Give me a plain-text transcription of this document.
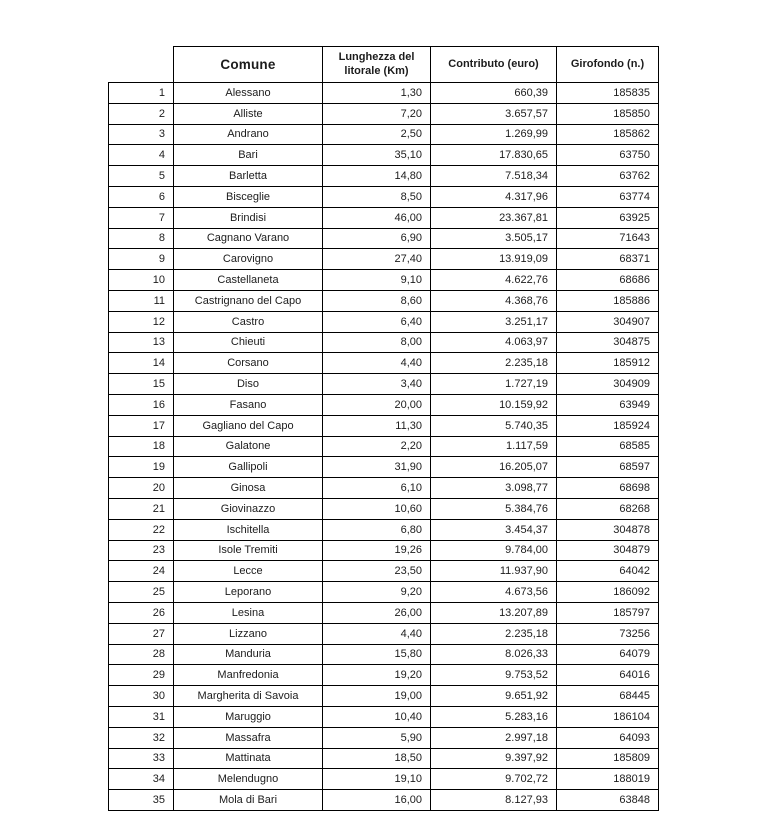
	Comune	Lunghezza del litorale (Km)	Contributo (euro)	Girofondo (n.)
1	Alessano	1,30	660,39	185835
2	Alliste	7,20	3.657,57	185850
3	Andrano	2,50	1.269,99	185862
4	Bari	35,10	17.830,65	63750
5	Barletta	14,80	7.518,34	63762
6	Bisceglie	8,50	4.317,96	63774
7	Brindisi	46,00	23.367,81	63925
8	Cagnano Varano	6,90	3.505,17	71643
9	Carovigno	27,40	13.919,09	68371
10	Castellaneta	9,10	4.622,76	68686
11	Castrignano del Capo	8,60	4.368,76	185886
12	Castro	6,40	3.251,17	304907
13	Chieuti	8,00	4.063,97	304875
14	Corsano	4,40	2.235,18	185912
15	Diso	3,40	1.727,19	304909
16	Fasano	20,00	10.159,92	63949
17	Gagliano del Capo	11,30	5.740,35	185924
18	Galatone	2,20	1.117,59	68585
19	Gallipoli	31,90	16.205,07	68597
20	Ginosa	6,10	3.098,77	68698
21	Giovinazzo	10,60	5.384,76	68268
22	Ischitella	6,80	3.454,37	304878
23	Isole Tremiti	19,26	9.784,00	304879
24	Lecce	23,50	11.937,90	64042
25	Leporano	9,20	4.673,56	186092
26	Lesina	26,00	13.207,89	185797
27	Lizzano	4,40	2.235,18	73256
28	Manduria	15,80	8.026,33	64079
29	Manfredonia	19,20	9.753,52	64016
30	Margherita di Savoia	19,00	9.651,92	68445
31	Maruggio	10,40	5.283,16	186104
32	Massafra	5,90	2.997,18	64093
33	Mattinata	18,50	9.397,92	185809
34	Melendugno	19,10	9.702,72	188019
35	Mola di Bari	16,00	8.127,93	63848
